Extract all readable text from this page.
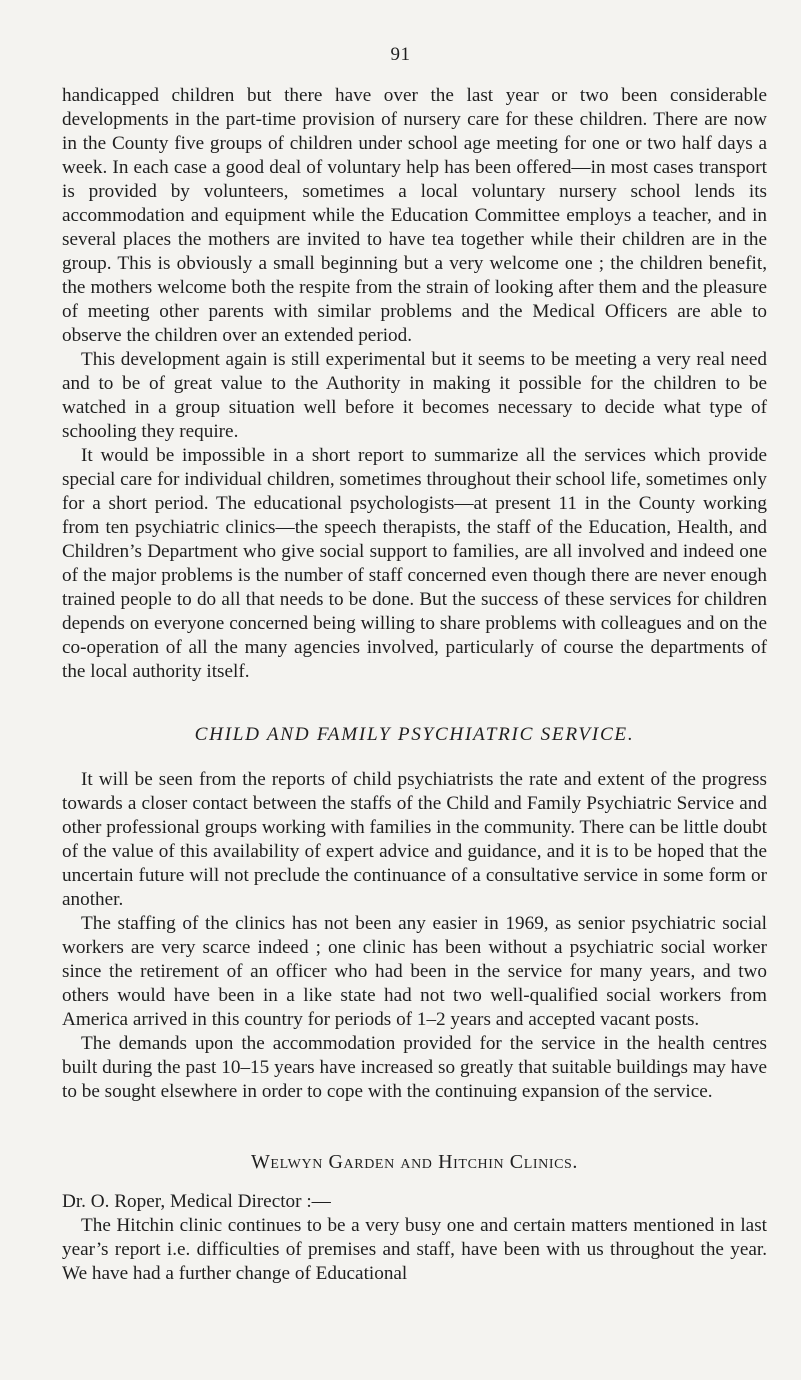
91

handicapped children but there have over the last year or two been considerable developments in the part-time provision of nursery care for these children. There are now in the County five groups of children under school age meeting for one or two half days a week. In each case a good deal of voluntary help has been offered—in most cases transport is provided by volunteers, sometimes a local voluntary nursery school lends its accommodation and equipment while the Education Committee employs a teacher, and in several places the mothers are invited to have tea together while their children are in the group. This is obviously a small beginning but a very welcome one ; the children benefit, the mothers welcome both the respite from the strain of looking after them and the pleasure of meeting other parents with similar problems and the Medical Officers are able to observe the children over an extended period.

This development again is still experimental but it seems to be meeting a very real need and to be of great value to the Authority in making it possible for the children to be watched in a group situation well before it becomes necessary to decide what type of schooling they require.

It would be impossible in a short report to summarize all the services which provide special care for individual children, sometimes throughout their school life, sometimes only for a short period. The educational psychologists—at present 11 in the County working from ten psychiatric clinics—the speech therapists, the staff of the Education, Health, and Children’s Department who give social support to families, are all involved and indeed one of the major problems is the number of staff concerned even though there are never enough trained people to do all that needs to be done. But the success of these services for children depends on everyone concerned being willing to share problems with colleagues and on the co-operation of all the many agencies involved, particularly of course the departments of the local authority itself.

CHILD AND FAMILY PSYCHIATRIC SERVICE.

It will be seen from the reports of child psychiatrists the rate and extent of the progress towards a closer contact between the staffs of the Child and Family Psychiatric Service and other professional groups working with families in the community. There can be little doubt of the value of this availability of expert advice and guidance, and it is to be hoped that the uncertain future will not preclude the continuance of a consultative service in some form or another.

The staffing of the clinics has not been any easier in 1969, as senior psychiatric social workers are very scarce indeed ; one clinic has been without a psychiatric social worker since the retirement of an officer who had been in the service for many years, and two others would have been in a like state had not two well-qualified social workers from America arrived in this country for periods of 1–2 years and accepted vacant posts.

The demands upon the accommodation provided for the service in the health centres built during the past 10–15 years have increased so greatly that suitable buildings may have to be sought elsewhere in order to cope with the continuing expansion of the service.

Welwyn Garden and Hitchin Clinics.

Dr. O. Roper, Medical Director :—

The Hitchin clinic continues to be a very busy one and certain matters mentioned in last year’s report i.e. difficulties of premises and staff, have been with us throughout the year. We have had a further change of Educational
